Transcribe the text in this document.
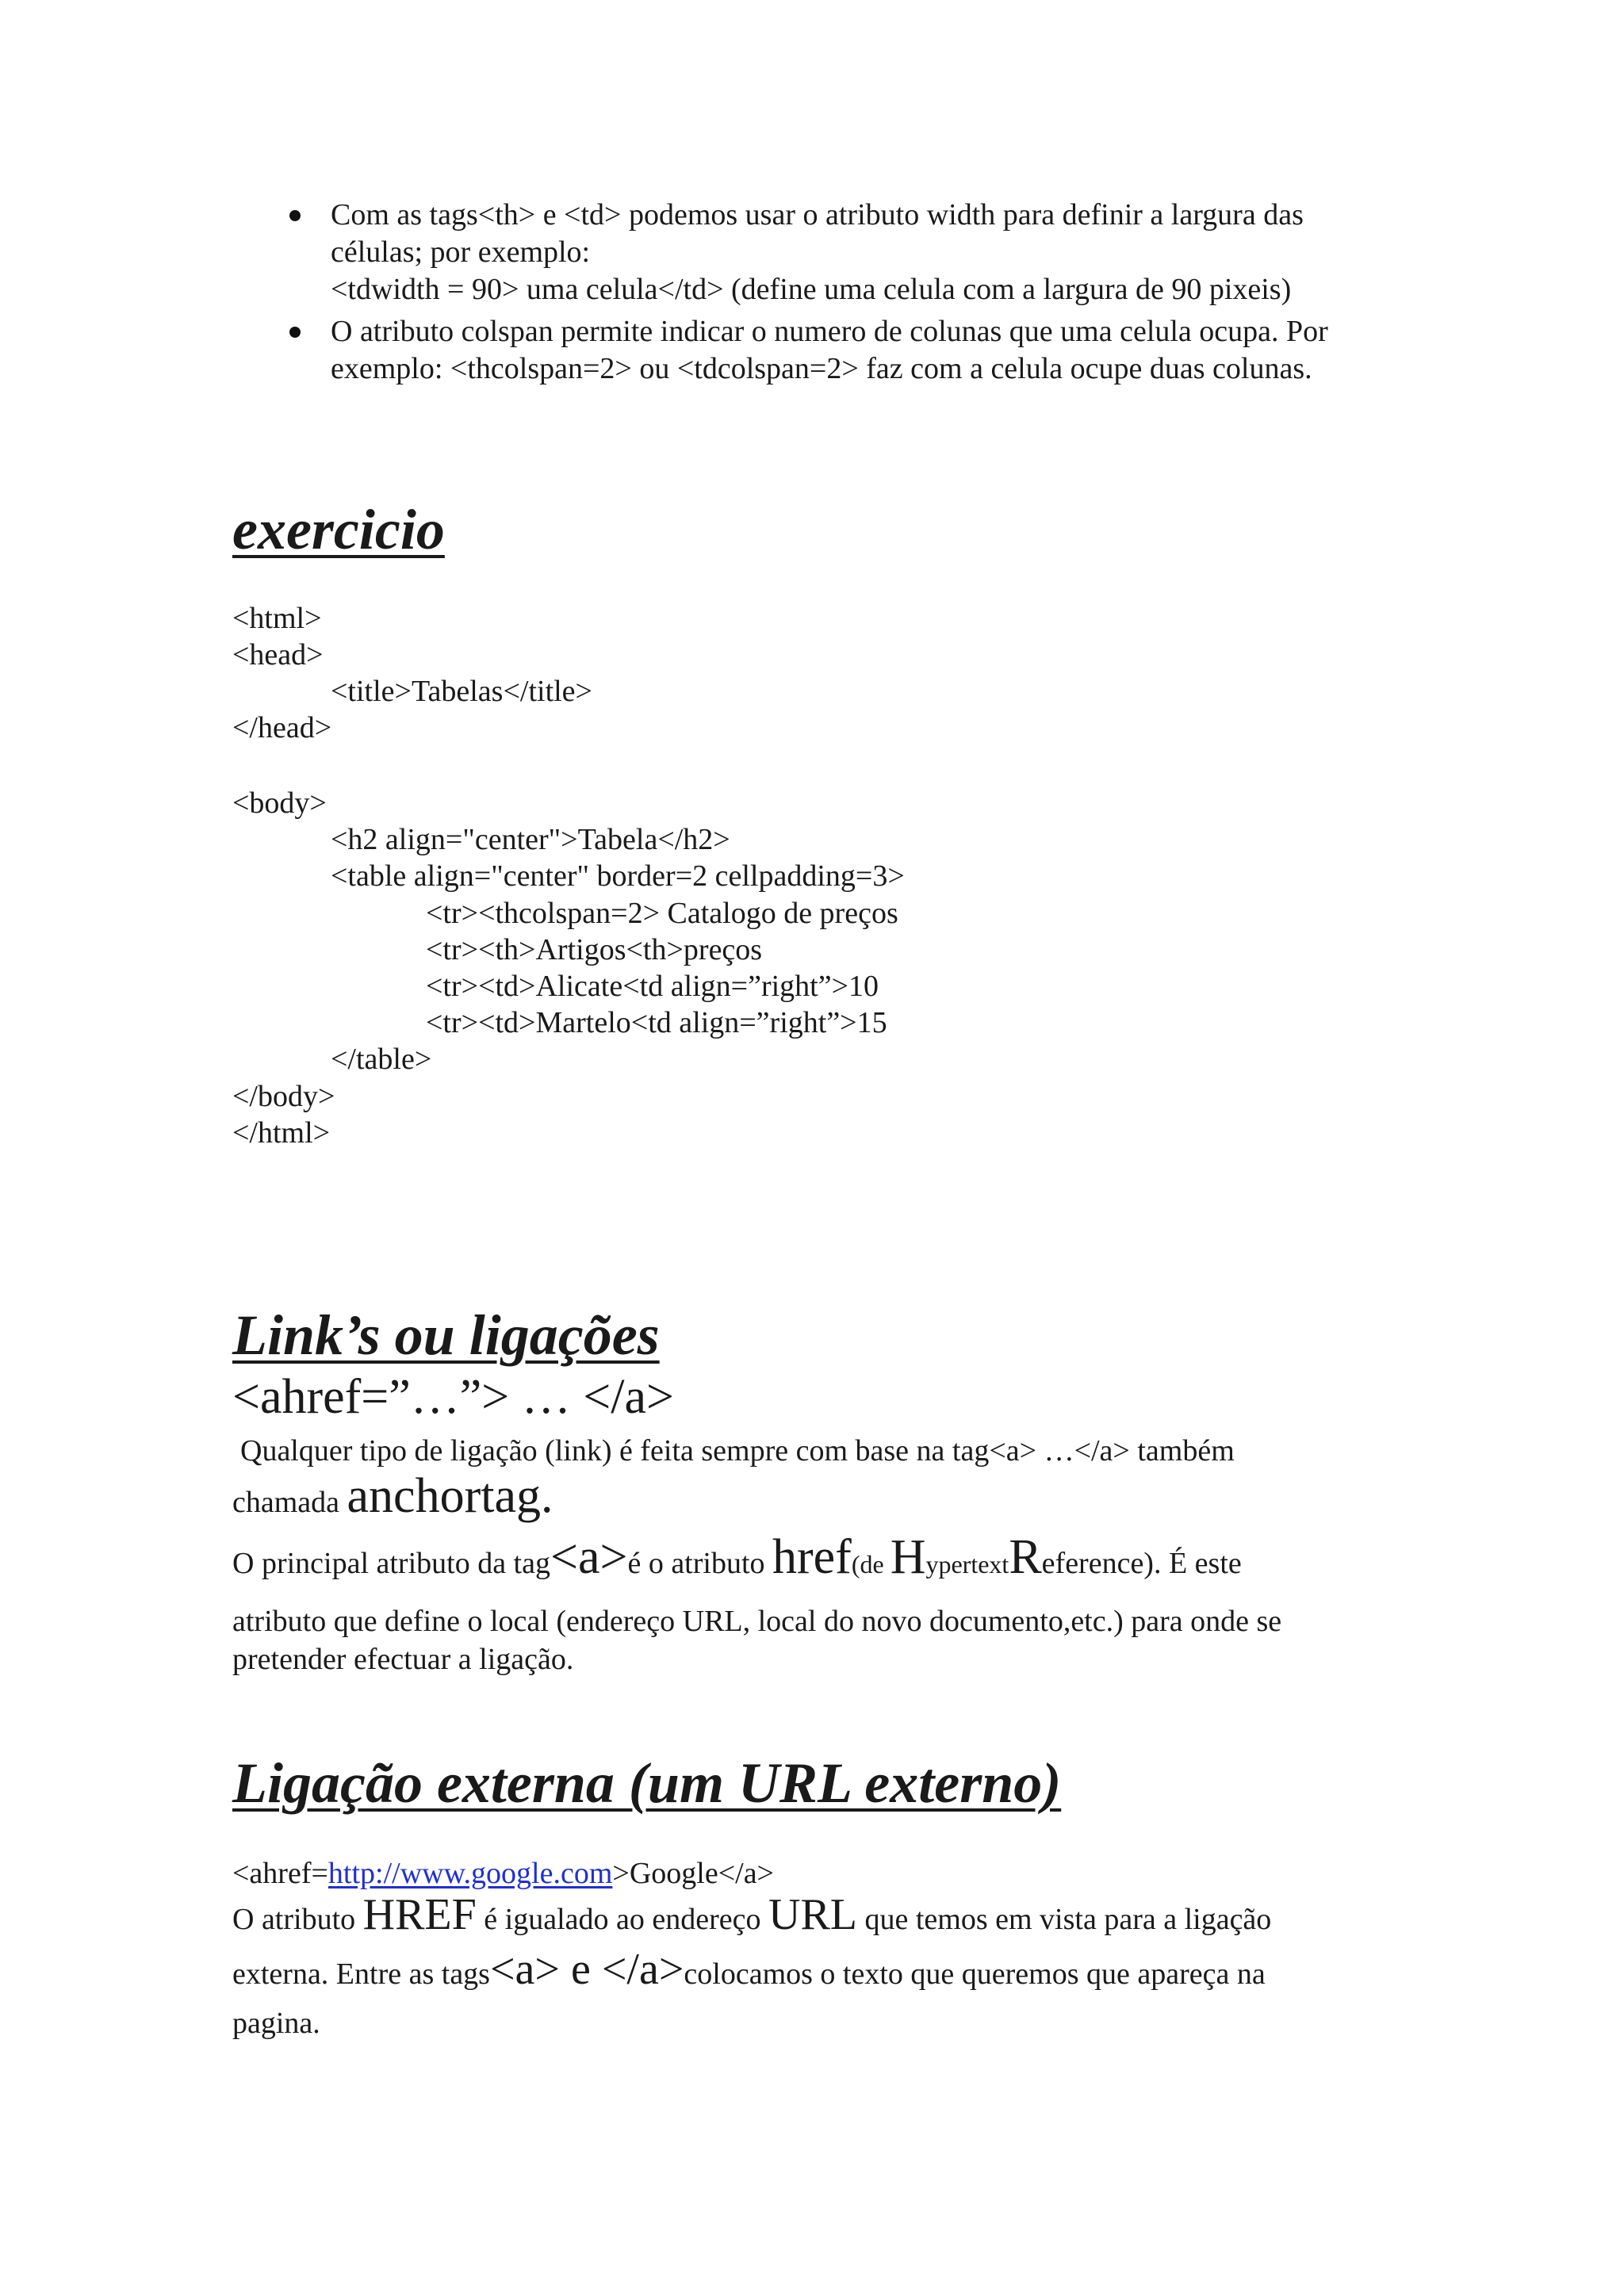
Com as tags<th> e <td> podemos usar o atributo width para definir a largura das
células; por exemplo:
<tdwidth = 90> uma celula</td> (define uma celula com a largura de 90 pixeis)
O atributo colspan permite indicar o numero de colunas que uma celula ocupa. Por
exemplo: <thcolspan=2> ou <tdcolspan=2> faz com a celula ocupe duas colunas.
exercicio
<html>
<head>
<title>Tabelas</title>
</head>
<body>
<h2 align="center">Tabela</h2>
<table align="center" border=2 cellpadding=3>
<tr><thcolspan=2> Catalogo de preços
<tr><th>Artigos<th>preços
<tr><td>Alicate<td align=”right”>10
<tr><td>Martelo<td align=”right”>15
</table>
</body>
</html>
Link’s ou ligações
<ahref=”…”> … </a>
Qualquer tipo de ligação (link) é feita sempre com base na tag<a> …</a> também
chamada anchortag.
O principal atributo da tag<a>é o atributo href(de HypertextReference). É este
atributo que define o local (endereço URL, local do novo documento,etc.) para onde se
pretender efectuar a ligação.
Ligação externa (um URL externo)
<ahref=http://www.google.com>Google</a>
O atributo HREF é igualado ao endereço URL que temos em vista para a ligação
externa. Entre as tags<a> e </a>colocamos o texto que queremos que apareça na
pagina.
